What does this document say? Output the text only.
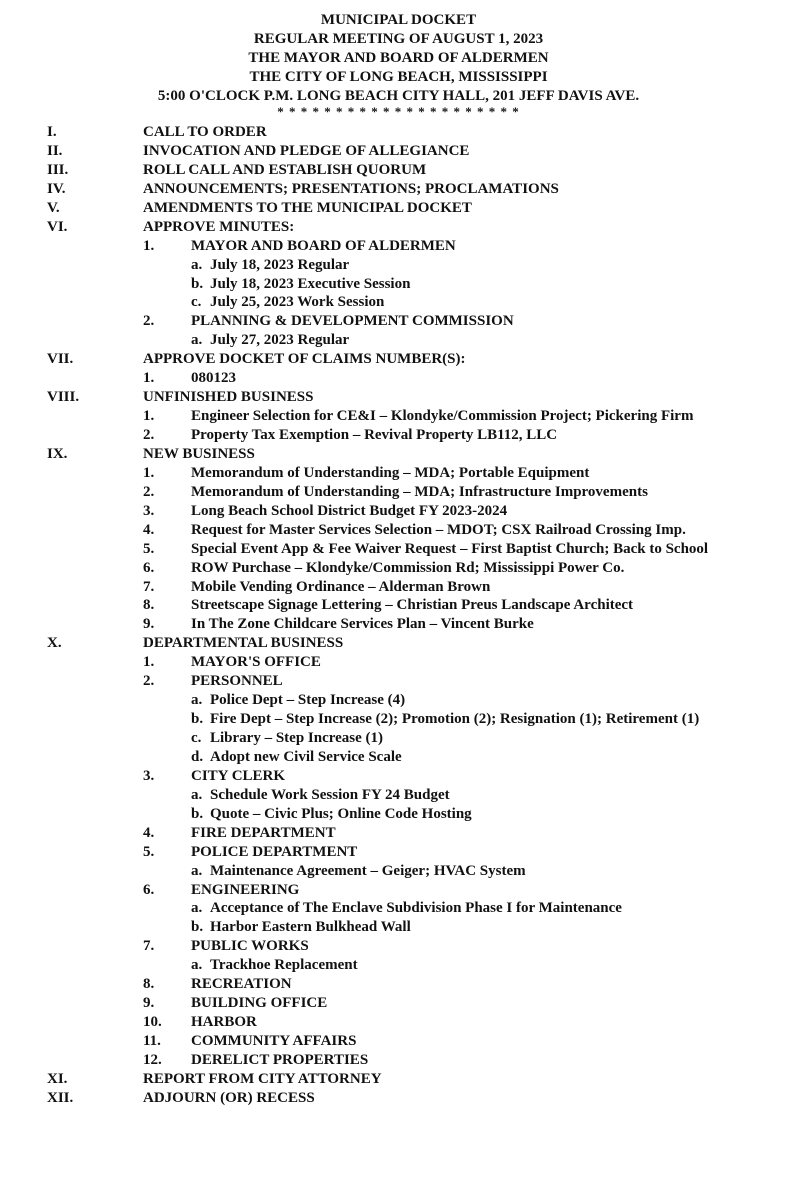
MUNICIPAL DOCKET
REGULAR MEETING OF AUGUST 1, 2023
THE MAYOR AND BOARD OF ALDERMEN
THE CITY OF LONG BEACH, MISSISSIPPI
5:00 O'CLOCK P.M. LONG BEACH CITY HALL, 201 JEFF DAVIS AVE.
* * * * * * * * * * * * * * * * * * * * *
I.	CALL TO ORDER
II.	INVOCATION AND PLEDGE OF ALLEGIANCE
III.	ROLL CALL AND ESTABLISH QUORUM
IV.	ANNOUNCEMENTS; PRESENTATIONS; PROCLAMATIONS
V.	AMENDMENTS TO THE MUNICIPAL DOCKET
VI.	APPROVE MINUTES:
1. MAYOR AND BOARD OF ALDERMEN
a. July 18, 2023 Regular
b. July 18, 2023 Executive Session
c. July 25, 2023 Work Session
2. PLANNING & DEVELOPMENT COMMISSION
a. July 27, 2023 Regular
VII.	APPROVE DOCKET OF CLAIMS NUMBER(S):
1. 080123
VIII.	UNFINISHED BUSINESS
1. Engineer Selection for CE&I – Klondyke/Commission Project; Pickering Firm
2. Property Tax Exemption – Revival Property LB112, LLC
IX.	NEW BUSINESS
1. Memorandum of Understanding – MDA; Portable Equipment
2. Memorandum of Understanding – MDA; Infrastructure Improvements
3. Long Beach School District Budget FY 2023-2024
4. Request for Master Services Selection – MDOT; CSX Railroad Crossing Imp.
5. Special Event App & Fee Waiver Request – First Baptist Church; Back to School
6. ROW Purchase – Klondyke/Commission Rd; Mississippi Power Co.
7. Mobile Vending Ordinance – Alderman Brown
8. Streetscape Signage Lettering – Christian Preus Landscape Architect
9. In The Zone Childcare Services Plan – Vincent Burke
X.	DEPARTMENTAL BUSINESS
1. MAYOR'S OFFICE
2. PERSONNEL
a. Police Dept – Step Increase (4)
b. Fire Dept – Step Increase (2); Promotion (2); Resignation (1); Retirement (1)
c. Library – Step Increase (1)
d. Adopt new Civil Service Scale
3. CITY CLERK
a. Schedule Work Session FY 24 Budget
b. Quote – Civic Plus; Online Code Hosting
4. FIRE DEPARTMENT
5. POLICE DEPARTMENT
a. Maintenance Agreement – Geiger; HVAC System
6. ENGINEERING
a. Acceptance of The Enclave Subdivision Phase I for Maintenance
b. Harbor Eastern Bulkhead Wall
7. PUBLIC WORKS
a. Trackhoe Replacement
8. RECREATION
9. BUILDING OFFICE
10. HARBOR
11. COMMUNITY AFFAIRS
12. DERELICT PROPERTIES
XI.	REPORT FROM CITY ATTORNEY
XII.	ADJOURN (OR) RECESS
